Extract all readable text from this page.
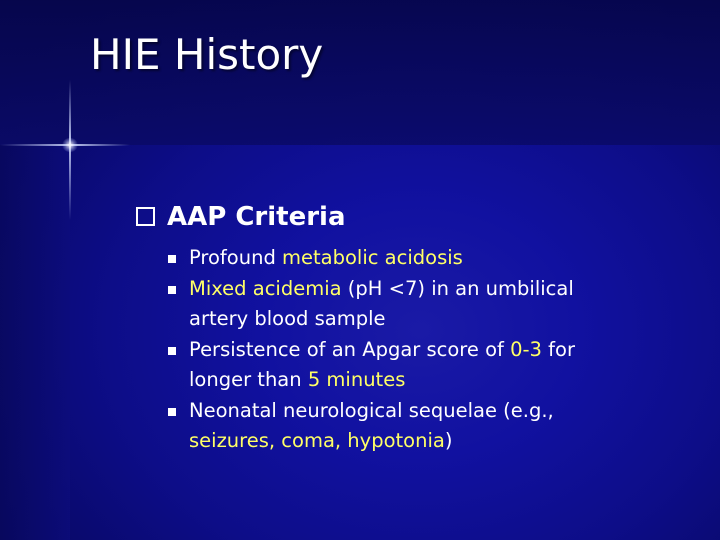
HIE History
AAP Criteria
Profound metabolic acidosis
Mixed acidemia (pH <7) in an umbilical
artery blood sample
Persistence of an Apgar score of 0-3 for
longer than 5 minutes
Neonatal neurological sequelae (e.g.,
seizures, coma, hypotonia)
